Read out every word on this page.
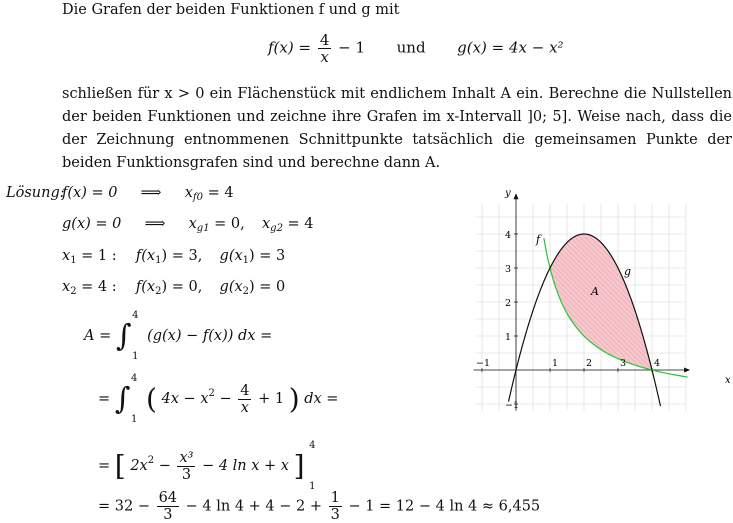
Die Grafen der beiden Funktionen f und g mit
$f(x) = \frac{4}{x} - 1$ und g(x) = 4x − x²
schließen für x > 0 ein Flächenstück mit endlichem Inhalt A ein. Berechne die Nullstellen der beiden Funktionen und zeichne ihre Grafen im x-Intervall ]0; 5]. Weise nach, dass die der Zeichnung entnommenen Schnittpunkte tatsächlich die gemeinsamen Punkte der beiden Funktionsgrafen sind und berechne dann A.
Lösung:
f(x) = 0 ⟹ $x_{f0} = 4$
g(x) = 0 ⟹ $x_{g1} = 0$, $x_{g2} = 4$
$x_1 = 1$ : $f(x_1) = 3$, $g(x_1) = 3$
$x_2 = 4$ : $f(x_2) = 0$, $g(x_2) = 0$
A = ∫
4
1
(g(x) − f(x)) dx =
= ∫
4
1
( $4x - x^2 - \frac{4}{x} + 1$ ) dx =
= [ $2x^2 - \frac{\text{x³}}{3} - 4$ ln x + x ]
4
1
= $32 - \frac{64}{3} - 4$ $\ln 4 + 4 - 2 + \frac{1}{3} - 1 = 12 - 4$ ln 4 ≈ 6,455
−1	1	2	3	4
−1
1
2
3
4 f
g
A
x
y
